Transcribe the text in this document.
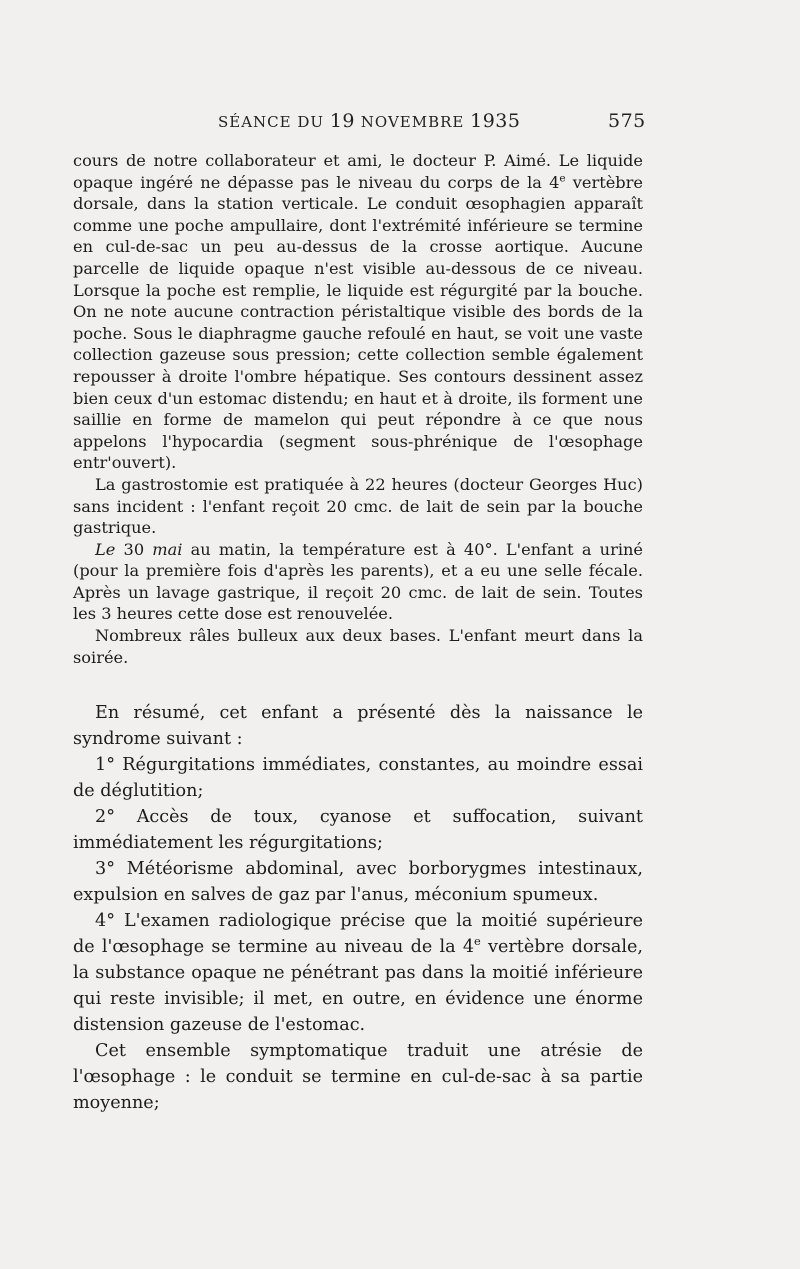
SÉANCE DU 19 NOVEMBRE 1935	575

cours de notre collaborateur et ami, le docteur P. Aimé. Le liquide opaque ingéré ne dépasse pas le niveau du corps de la 4e vertèbre dorsale, dans la station verticale. Le conduit œsophagien apparaît comme une poche ampullaire, dont l'extrémité inférieure se termine en cul-de-sac un peu au-dessus de la crosse aortique. Aucune parcelle de liquide opaque n'est visible au-dessous de ce niveau. Lorsque la poche est remplie, le liquide est régurgité par la bouche. On ne note aucune contraction péristaltique visible des bords de la poche. Sous le diaphragme gauche refoulé en haut, se voit une vaste collection gazeuse sous pression; cette collection semble également repousser à droite l'ombre hépatique. Ses contours dessinent assez bien ceux d'un estomac distendu; en haut et à droite, ils forment une saillie en forme de mamelon qui peut répondre à ce que nous appelons l'hypocardia (segment sous-phrénique de l'œsophage entr'ouvert).

La gastrostomie est pratiquée à 22 heures (docteur Georges Huc) sans incident : l'enfant reçoit 20 cmc. de lait de sein par la bouche gastrique.

Le 30 mai au matin, la température est à 40°. L'enfant a uriné (pour la première fois d'après les parents), et a eu une selle fécale. Après un lavage gastrique, il reçoit 20 cmc. de lait de sein. Toutes les 3 heures cette dose est renouvelée.

Nombreux râles bulleux aux deux bases. L'enfant meurt dans la soirée.

En résumé, cet enfant a présenté dès la naissance le syndrome suivant :

1° Régurgitations immédiates, constantes, au moindre essai de déglutition;

2° Accès de toux, cyanose et suffocation, suivant immédiatement les régurgitations;

3° Météorisme abdominal, avec borborygmes intestinaux, expulsion en salves de gaz par l'anus, méconium spumeux.

4° L'examen radiologique précise que la moitié supérieure de l'œsophage se termine au niveau de la 4e vertèbre dorsale, la substance opaque ne pénétrant pas dans la moitié inférieure qui reste invisible; il met, en outre, en évidence une énorme distension gazeuse de l'estomac.

Cet ensemble symptomatique traduit une atrésie de l'œsophage : le conduit se termine en cul-de-sac à sa partie moyenne;
